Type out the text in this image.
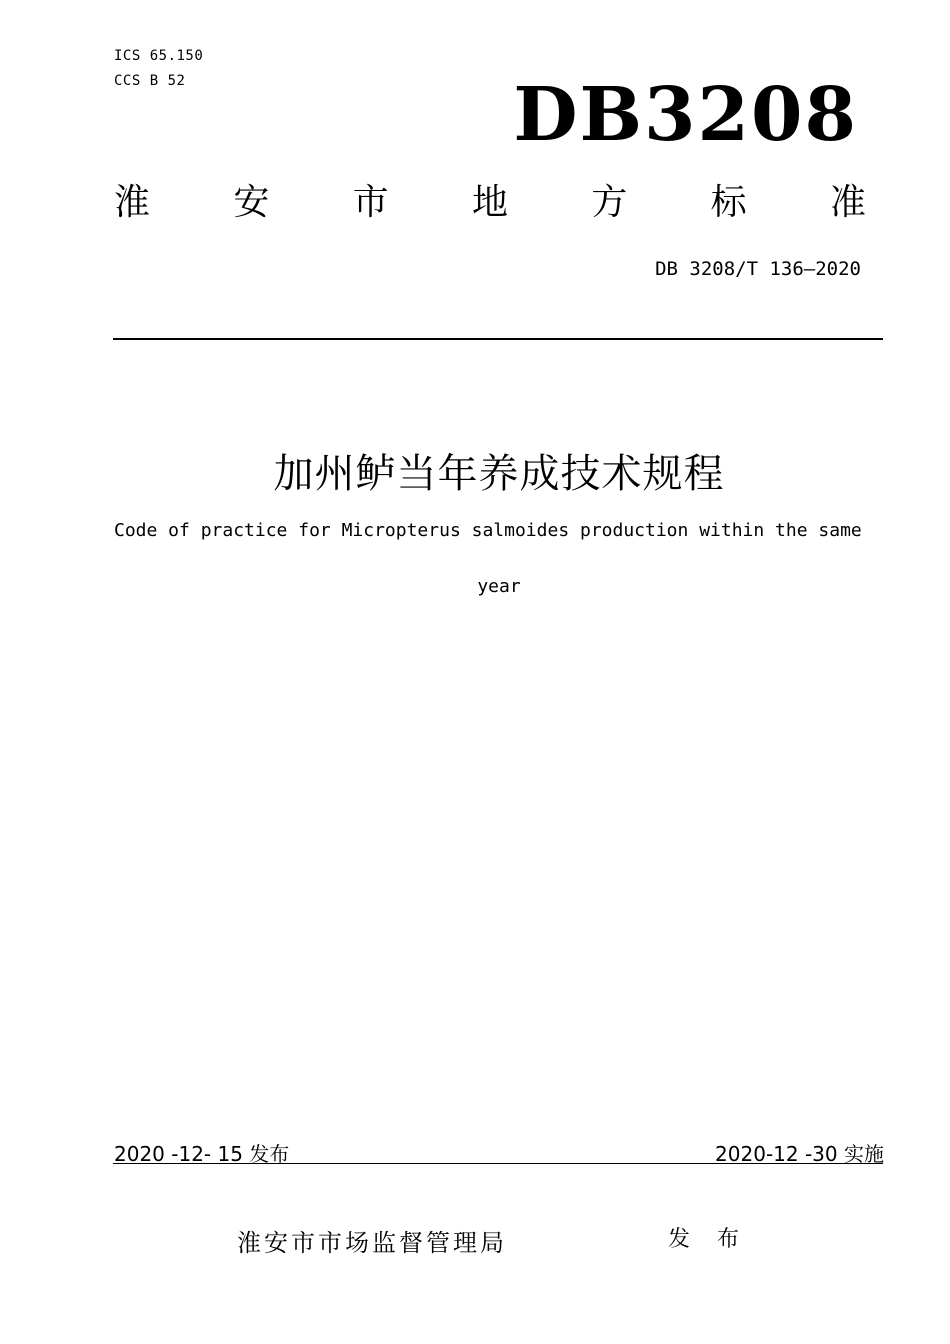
ICS 65.150
CCS B 52	DB3208
淮 安 市 地 方 标 准
DB 3208/T 136—2020
加州鲈当年养成技术规程
Code of practice for Micropterus salmoides production within the same
year
2020 -12- 15 发布	2020-12 -30 实施
淮安市市场监督管理局	发 布
